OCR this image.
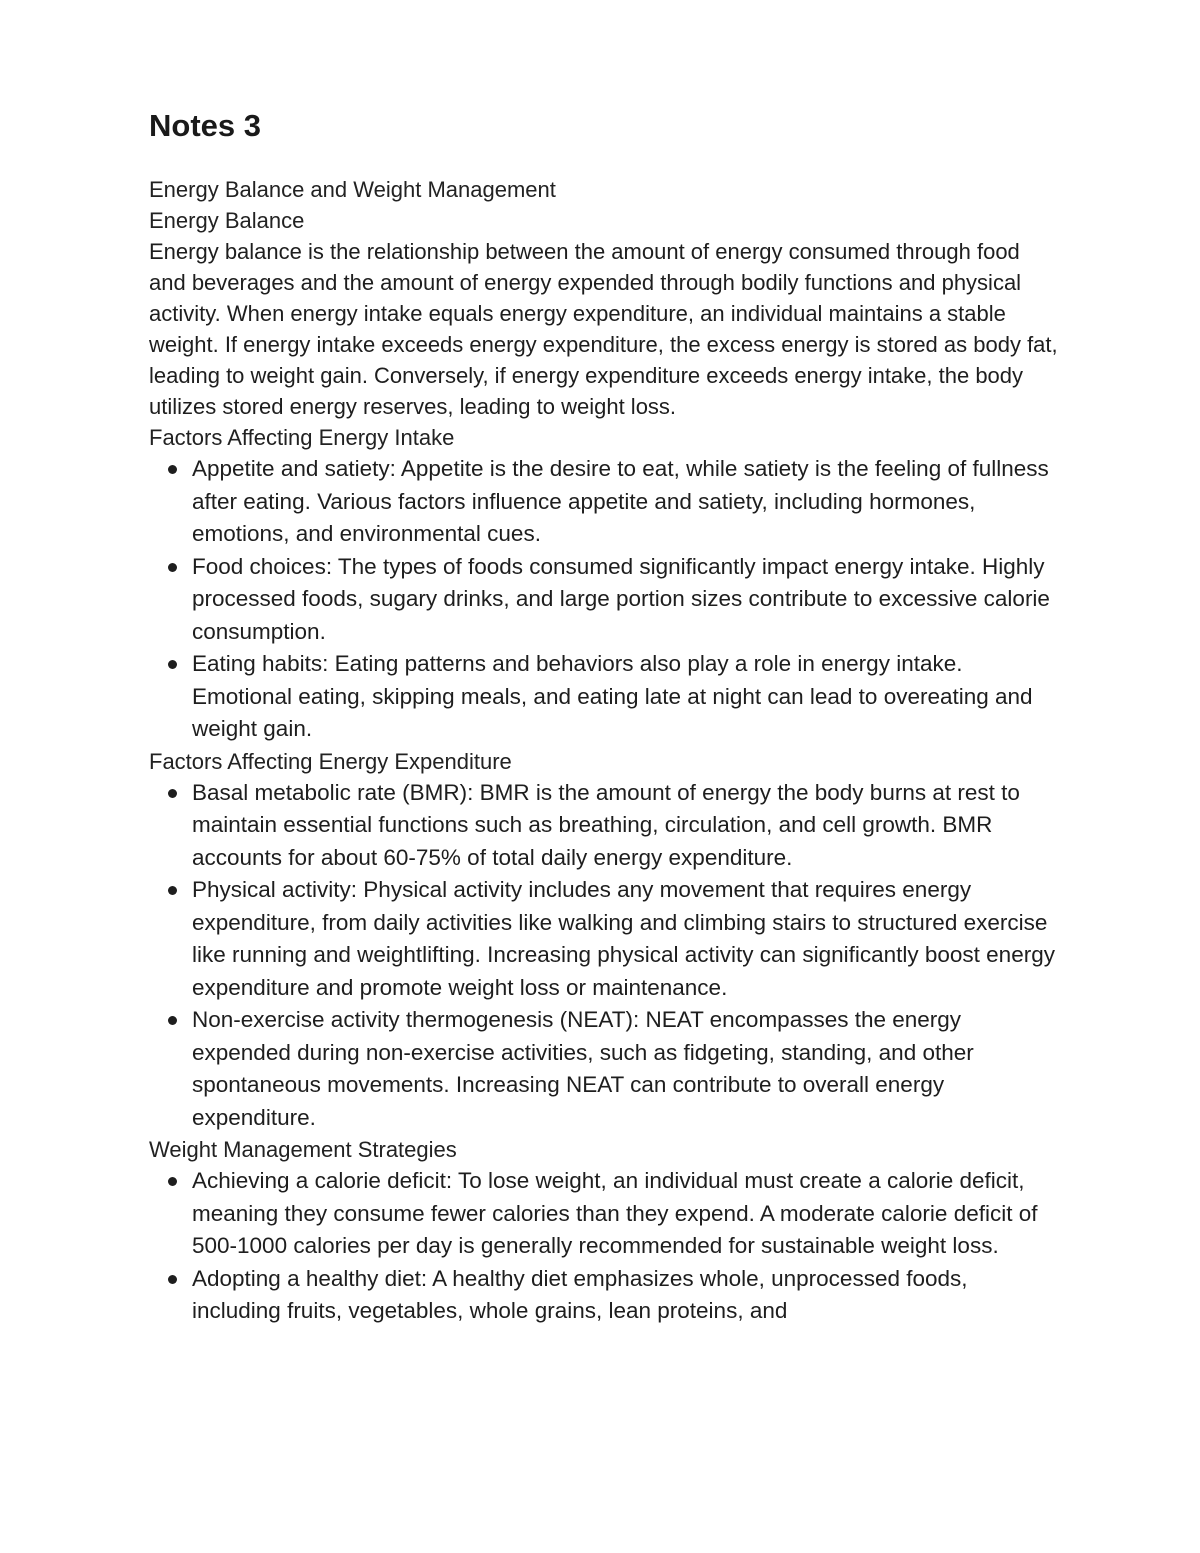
Notes 3

Energy Balance and Weight Management

Energy Balance

Energy balance is the relationship between the amount of energy consumed through food and beverages and the amount of energy expended through bodily functions and physical activity. When energy intake equals energy expenditure, an individual maintains a stable weight. If energy intake exceeds energy expenditure, the excess energy is stored as body fat, leading to weight gain. Conversely, if energy expenditure exceeds energy intake, the body utilizes stored energy reserves, leading to weight loss.

Factors Affecting Energy Intake

Appetite and satiety: Appetite is the desire to eat, while satiety is the feeling of fullness after eating. Various factors influence appetite and satiety, including hormones, emotions, and environmental cues.
Food choices: The types of foods consumed significantly impact energy intake. Highly processed foods, sugary drinks, and large portion sizes contribute to excessive calorie consumption.
Eating habits: Eating patterns and behaviors also play a role in energy intake. Emotional eating, skipping meals, and eating late at night can lead to overeating and weight gain.

Factors Affecting Energy Expenditure

Basal metabolic rate (BMR): BMR is the amount of energy the body burns at rest to maintain essential functions such as breathing, circulation, and cell growth. BMR accounts for about 60-75% of total daily energy expenditure.
Physical activity: Physical activity includes any movement that requires energy expenditure, from daily activities like walking and climbing stairs to structured exercise like running and weightlifting. Increasing physical activity can significantly boost energy expenditure and promote weight loss or maintenance.
Non-exercise activity thermogenesis (NEAT): NEAT encompasses the energy expended during non-exercise activities, such as fidgeting, standing, and other spontaneous movements. Increasing NEAT can contribute to overall energy expenditure.

Weight Management Strategies

Achieving a calorie deficit: To lose weight, an individual must create a calorie deficit, meaning they consume fewer calories than they expend. A moderate calorie deficit of 500-1000 calories per day is generally recommended for sustainable weight loss.
Adopting a healthy diet: A healthy diet emphasizes whole, unprocessed foods, including fruits, vegetables, whole grains, lean proteins, and
